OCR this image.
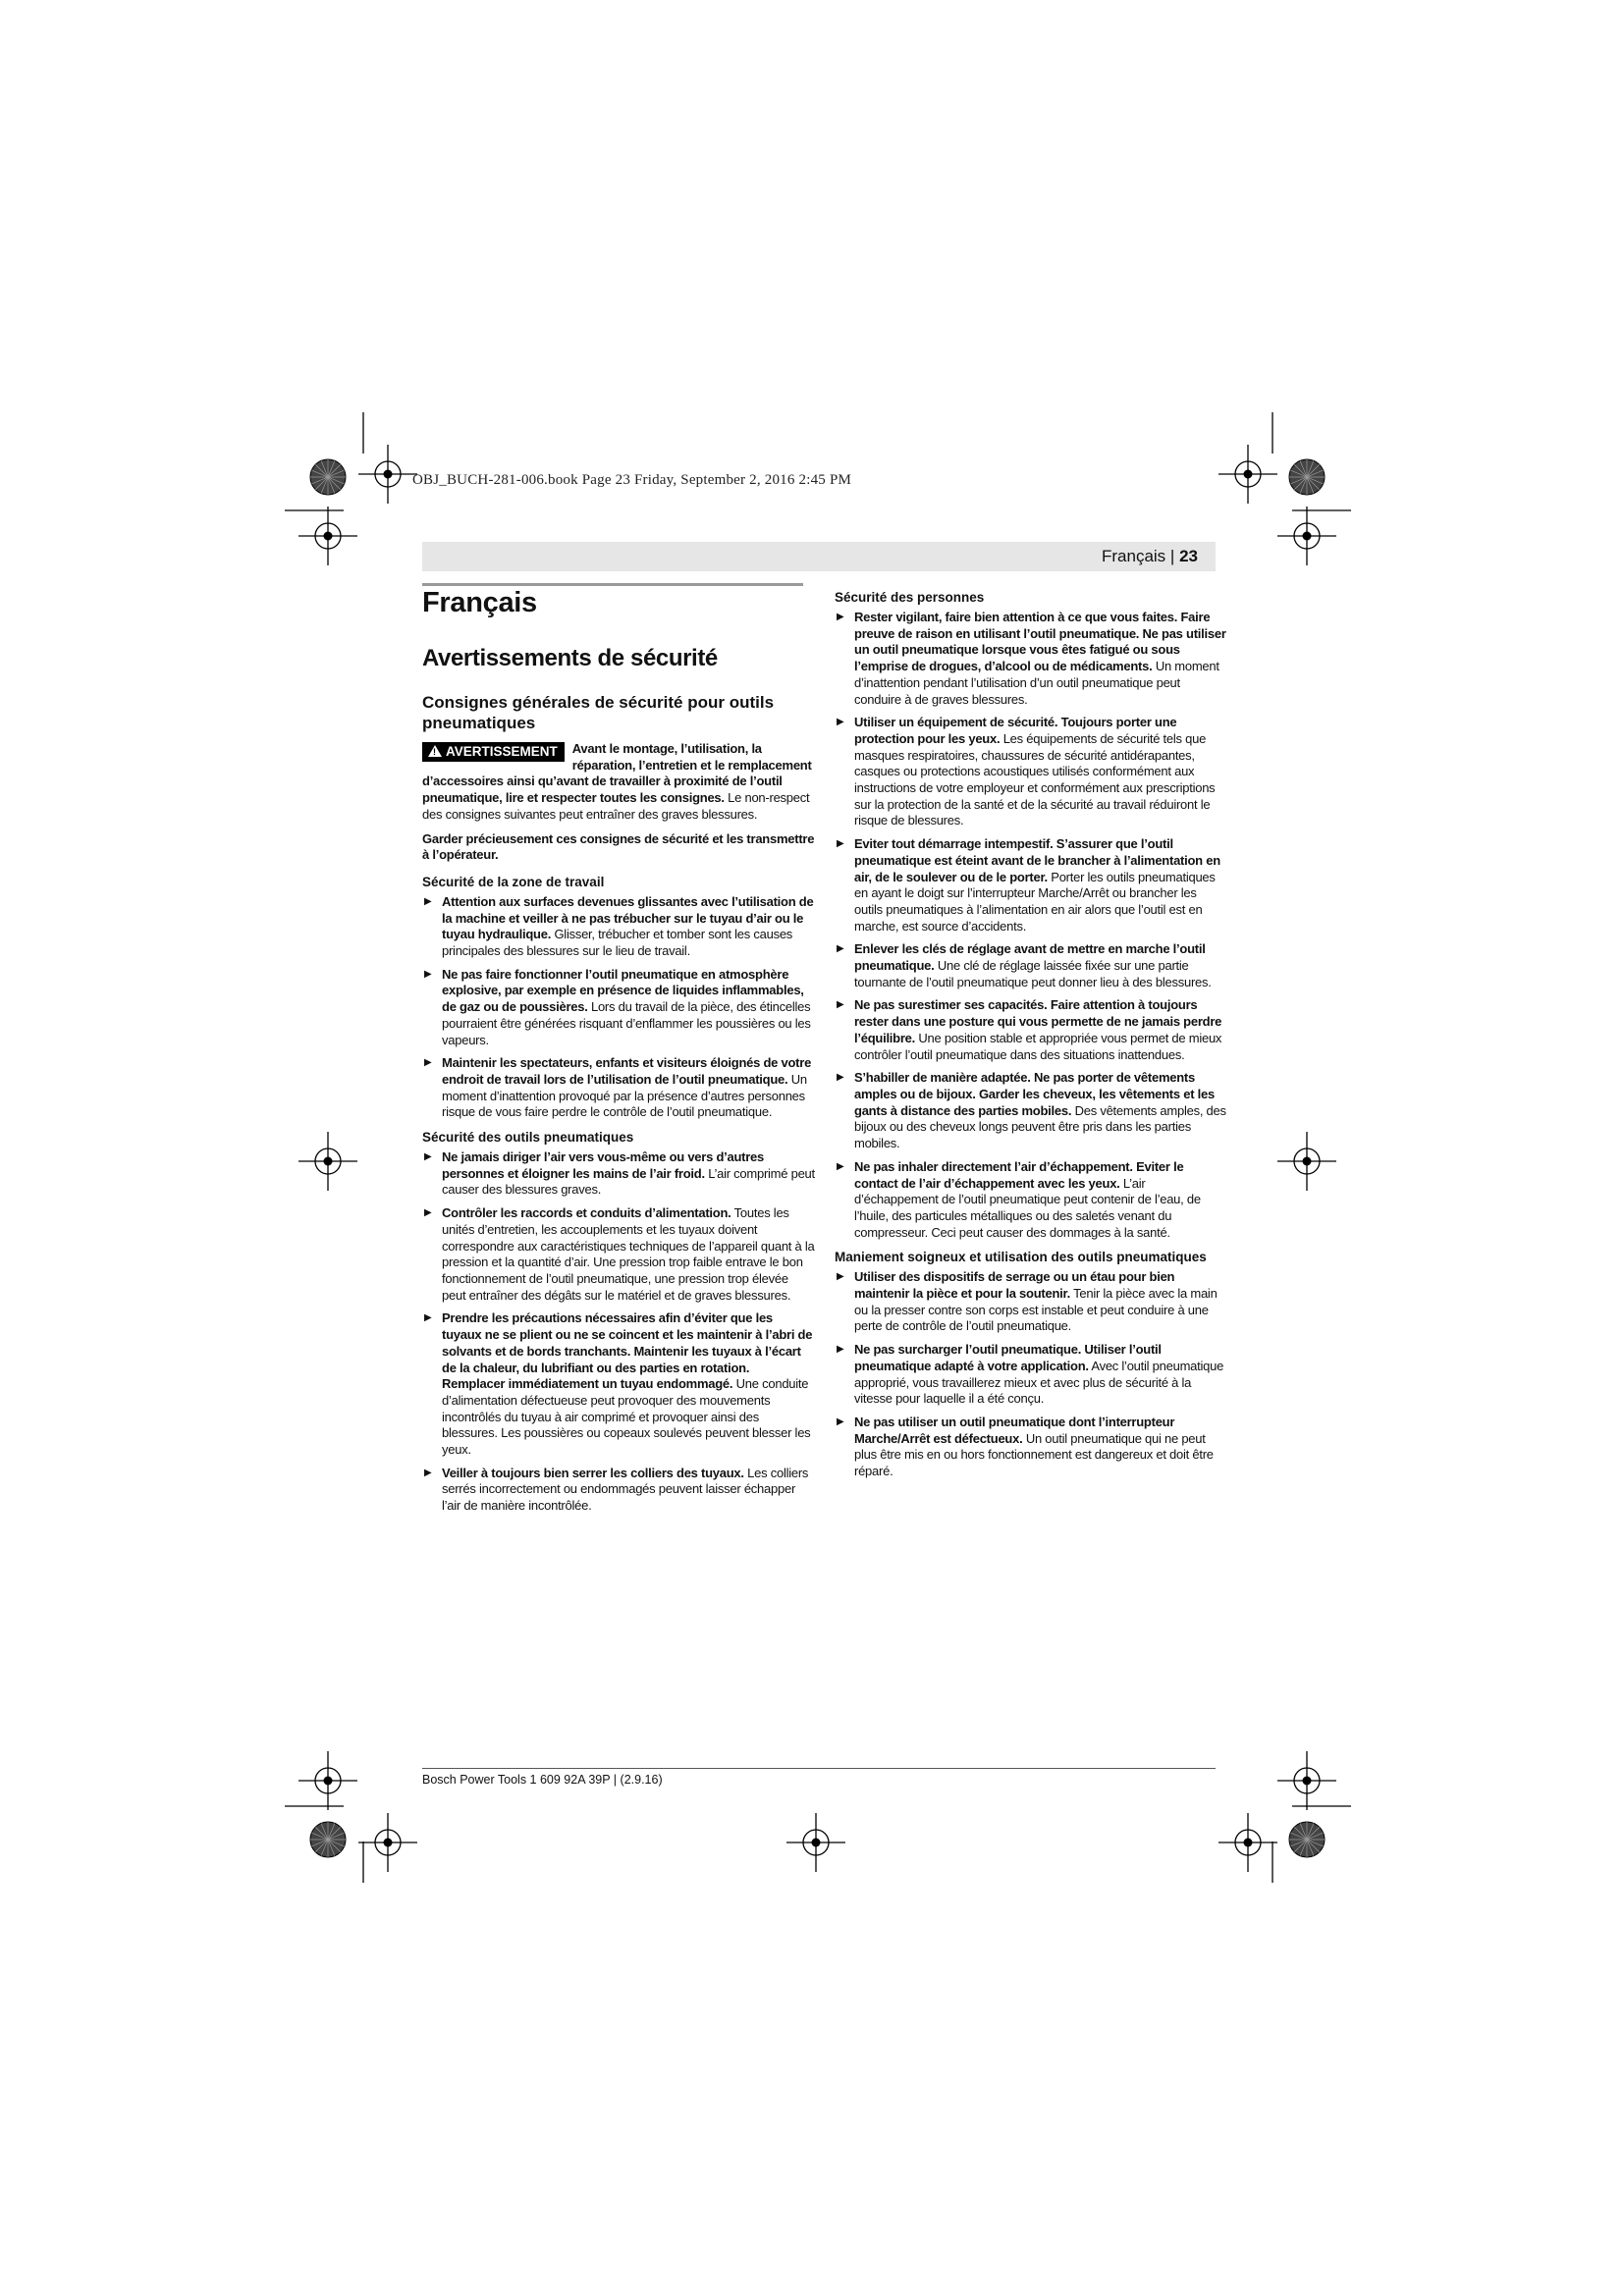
OBJ_BUCH-281-006.book Page 23 Friday, September 2, 2016 2:45 PM
Français | 23
Français
Avertissements de sécurité
Consignes générales de sécurité pour outils pneumatiques
! AVERTISSEMENT	Avant le montage, l’utilisation, la réparation, l’entretien et le remplacement d’accessoires ainsi qu’avant de travailler à proximité de l’outil pneumatique, lire et respecter toutes les consignes. Le non-respect des consignes suivantes peut entraîner des graves blessures.

Garder précieusement ces consignes de sécurité et les transmettre à l’opérateur.

Sécurité de la zone de travail
▶ Attention aux surfaces devenues glissantes avec l’utilisation de la machine et veiller à ne pas trébucher sur le tuyau d’air ou le tuyau hydraulique. Glisser, trébucher et tomber sont les causes principales des blessures sur le lieu de travail.
▶ Ne pas faire fonctionner l’outil pneumatique en atmosphère explosive, par exemple en présence de liquides inflammables, de gaz ou de poussières. Lors du travail de la pièce, des étincelles pourraient être générées risquant d’enflammer les poussières ou les vapeurs.
▶ Maintenir les spectateurs, enfants et visiteurs éloignés de votre endroit de travail lors de l’utilisation de l’outil pneumatique. Un moment d’inattention provoqué par la présence d’autres personnes risque de vous faire perdre le contrôle de l’outil pneumatique.
Sécurité des outils pneumatiques
▶ Ne jamais diriger l’air vers vous-même ou vers d’autres personnes et éloigner les mains de l’air froid. L’air comprimé peut causer des blessures graves.
▶ Contrôler les raccords et conduits d’alimentation. Toutes les unités d’entretien, les accouplements et les tuyaux doivent correspondre aux caractéristiques techniques de l’appareil quant à la pression et la quantité d’air. Une pression trop faible entrave le bon fonctionnement de l’outil pneumatique, une pression trop élevée peut entraîner des dégâts sur le matériel et de graves blessures.
▶ Prendre les précautions nécessaires afin d’éviter que les tuyaux ne se plient ou ne se coincent et les maintenir à l’abri de solvants et de bords tranchants. Maintenir les tuyaux à l’écart de la chaleur, du lubrifiant ou des parties en rotation. Remplacer immédiatement un tuyau endommagé. Une conduite d’alimentation défectueuse peut provoquer des mouvements incontrôlés du tuyau à air comprimé et provoquer ainsi des blessures. Les poussières ou copeaux soulevés peuvent blesser les yeux.
▶ Veiller à toujours bien serrer les colliers des tuyaux. Les colliers serrés incorrectement ou endommagés peuvent laisser échapper l’air de manière incontrôlée.
Sécurité des personnes
▶ Rester vigilant, faire bien attention à ce que vous faites. Faire preuve de raison en utilisant l’outil pneumatique. Ne pas utiliser un outil pneumatique lorsque vous êtes fatigué ou sous l’emprise de drogues, d’alcool ou de médicaments. Un moment d’inattention pendant l’utilisation d’un outil pneumatique peut conduire à de graves blessures.
▶ Utiliser un équipement de sécurité. Toujours porter une protection pour les yeux. Les équipements de sécurité tels que masques respiratoires, chaussures de sécurité antidérapantes, casques ou protections acoustiques utilisés conformément aux instructions de votre employeur et conformément aux prescriptions sur la protection de la santé et de la sécurité au travail réduiront le risque de blessures.
▶ Eviter tout démarrage intempestif. S’assurer que l’outil pneumatique est éteint avant de le brancher à l’alimentation en air, de le soulever ou de le porter. Porter les outils pneumatiques en ayant le doigt sur l’interrupteur Marche/Arrêt ou brancher les outils pneumatiques à l’alimentation en air alors que l’outil est en marche, est source d’accidents.
▶ Enlever les clés de réglage avant de mettre en marche l’outil pneumatique. Une clé de réglage laissée fixée sur une partie tournante de l’outil pneumatique peut donner lieu à des blessures.
▶ Ne pas surestimer ses capacités. Faire attention à toujours rester dans une posture qui vous permette de ne jamais perdre l’équilibre. Une position stable et appropriée vous permet de mieux contrôler l’outil pneumatique dans des situations inattendues.
▶ S’habiller de manière adaptée. Ne pas porter de vêtements amples ou de bijoux. Garder les cheveux, les vêtements et les gants à distance des parties mobiles. Des vêtements amples, des bijoux ou des cheveux longs peuvent être pris dans les parties mobiles.
▶ Ne pas inhaler directement l’air d’échappement. Eviter le contact de l’air d’échappement avec les yeux. L’air d’échappement de l’outil pneumatique peut contenir de l’eau, de l’huile, des particules métalliques ou des saletés venant du compresseur. Ceci peut causer des dommages à la santé.
Maniement soigneux et utilisation des outils pneumatiques
▶ Utiliser des dispositifs de serrage ou un étau pour bien maintenir la pièce et pour la soutenir. Tenir la pièce avec la main ou la presser contre son corps est instable et peut conduire à une perte de contrôle de l’outil pneumatique.
▶ Ne pas surcharger l’outil pneumatique. Utiliser l’outil pneumatique adapté à votre application. Avec l’outil pneumatique approprié, vous travaillerez mieux et avec plus de sécurité à la vitesse pour laquelle il a été conçu.
▶ Ne pas utiliser un outil pneumatique dont l’interrupteur Marche/Arrêt est défectueux. Un outil pneumatique qui ne peut plus être mis en ou hors fonctionnement est dangereux et doit être réparé.
Bosch Power Tools 1 609 92A 39P | (2.9.16)
